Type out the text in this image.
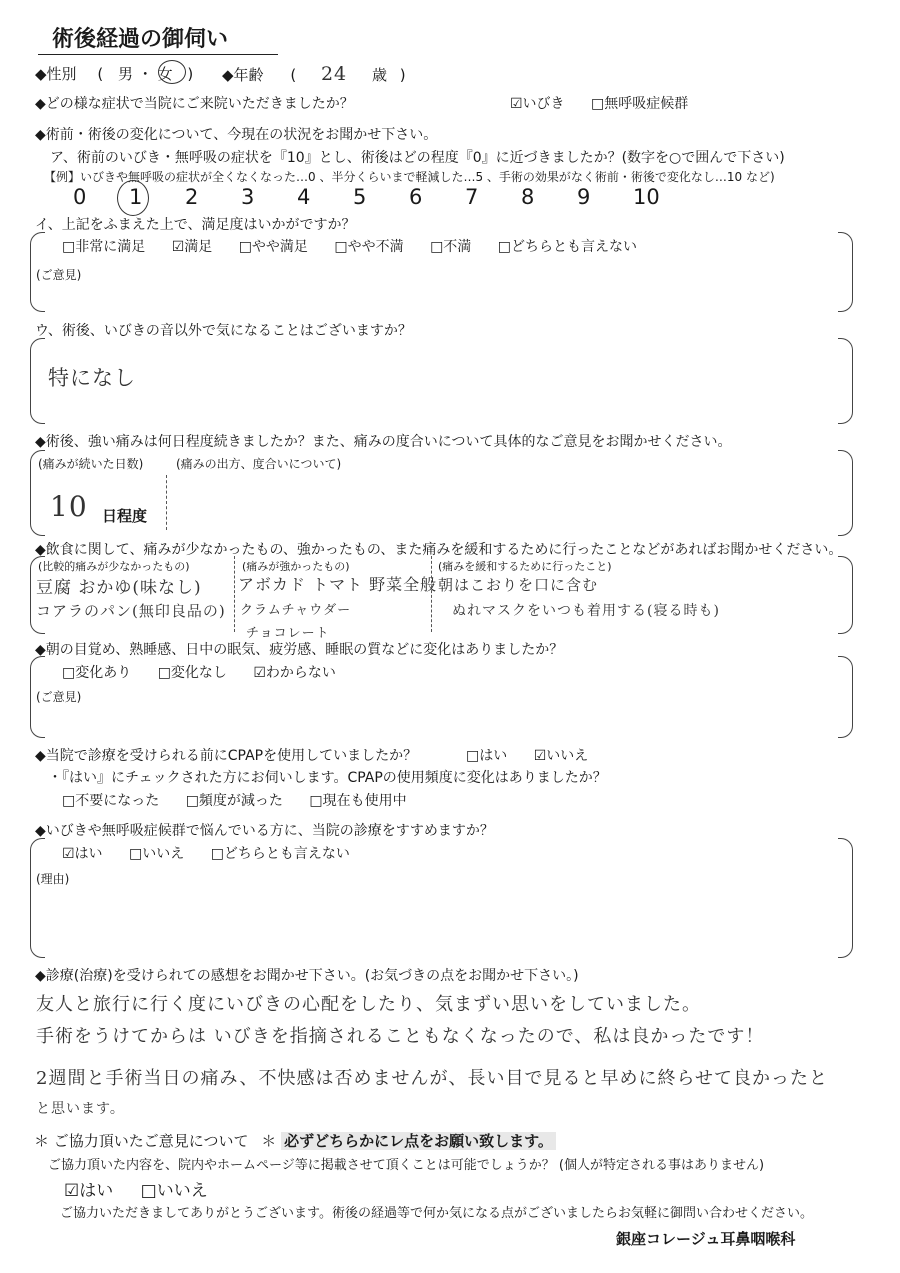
術後経過の御伺い
◆性別 ( 男 ・ 女 ) ◆年齢 ( 24 歳 )
◆どの様な症状で当院にご来院いただきましたか？	☑いびき □無呼吸症候群
◆術前・術後の変化について、今現在の状況をお聞かせ下さい。
ア、術前のいびき・無呼吸の症状を『10』とし、術後はどの程度『0』に近づきましたか？(数字を○で囲んで下さい)
【例】いびきや無呼吸の症状が全くなくなった…0 、半分くらいまで軽減した…5 、手術の効果がなく術前・術後で変化なし…10 など)
0 1 2 3 4 5 6 7 8 9 10
イ、上記をふまえた上で、満足度はいかがですか？
□非常に満足 ☑満足 □やや満足 □やや不満 □不満 □どちらとも言えない
(ご意見)
ウ、術後、いびきの音以外で気になることはございますか？
特になし
◆術後、強い痛みは何日程度続きましたか？また、痛みの度合いについて具体的なご意見をお聞かせください。
(痛みが続いた日数)
10 日程度
(痛みの出方、度合いについて)
◆飲食に関して、痛みが少なかったもの、強かったもの、また痛みを緩和するために行ったことなどがあればお聞かせください。
(比較的痛みが少なかったもの)
豆腐 おかゆ(味なし)
コアラのパン(無印良品の)
(痛みが強かったもの)
アボカド トマト 野菜全般
クラムチャウダー
チョコレート
(痛みを緩和するために行ったこと)
朝はこおりを口に含む
ぬれマスクをいつも着用する(寝る時も)
◆朝の目覚め、熟睡感、日中の眠気、疲労感、睡眠の質などに変化はありましたか？
□変化あり □変化なし ☑わからない
(ご意見)
◆当院で診療を受けられる前にCPAPを使用していましたか？	□はい ☑いいえ
・『はい』にチェックされた方にお伺いします。CPAPの使用頻度に変化はありましたか？
□不要になった □頻度が減った □現在も使用中
◆いびきや無呼吸症候群で悩んでいる方に、当院の診療をすすめますか？
☑はい □いいえ □どちらとも言えない
(理由)
◆診療(治療)を受けられての感想をお聞かせ下さい。(お気づきの点をお聞かせ下さい。)
友人と旅行に行く度にいびきの心配をしたり、気まずい思いをしていました。
手術をうけてからは いびきを指摘されることもなくなったので、私は良かったです！
2週間と手術当日の痛み、不快感は否めませんが、長い目で見ると早めに終らせて良かったと
と思います。
＊ ご協力頂いたご意見について ＊ 必ずどちらかにレ点をお願い致します。
ご協力頂いた内容を、院内やホームページ等に掲載させて頂くことは可能でしょうか？ (個人が特定される事はありません)
☑はい □いいえ
ご協力いただきましてありがとうございます。術後の経過等で何か気になる点がございましたらお気軽に御問い合わせください。
銀座コレージュ耳鼻咽喉科
